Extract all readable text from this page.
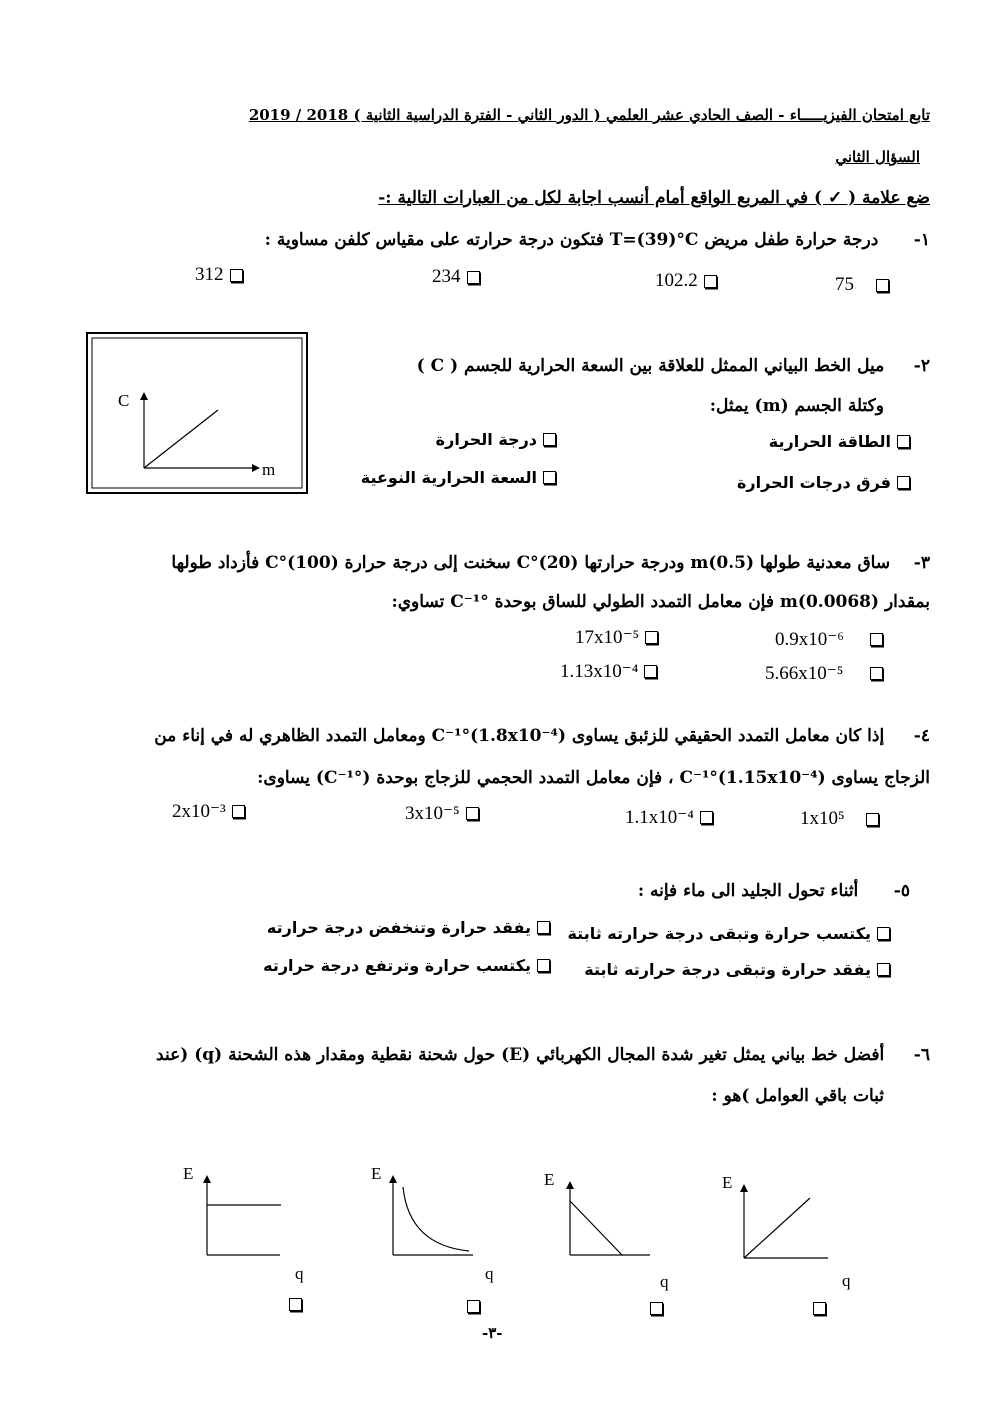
2019 / 2018 تابع امتحان الفيزيـــــاء - الصف الحادي عشر العلمي ( الدور الثاني - الفترة الدراسية الثانية )
السؤال الثاني
ضع علامة ( ✓ ) في المربع الواقع أمام أنسب اجابة لكل من العبارات التالية :-
١-      درجة حرارة طفل مريض T=(39)°C فتكون درجة حرارته على مقياس كلفن مساوية :
75

102.2
234
312
C
m
٢-     ميل الخط البياني الممثل للعلاقة بين السعة الحرارية للجسم ( C )
وكتلة الجسم (m) يمثل:
الطاقة الحرارية
درجة الحرارة
فرق درجات الحرارة
السعة الحرارية النوعية
٣-    ساق معدنية طولها (0.5)m ودرجة حرارتها (20)°C سخنت إلى درجة حرارة (100)°C فأزداد طولها
بمقدار (0.0068)m فإن معامل التمدد الطولي للساق بوحدة °C⁻¹ تساوي:
0.9x10⁻⁶

17x10⁻⁵
5.66x10⁻⁵

1.13x10⁻⁴
٤-     إذا كان معامل التمدد الحقيقي للزئبق يساوى (1.8x10⁻⁴)°C⁻¹ ومعامل التمدد الظاهري له في إناء من
الزجاج يساوى (1.15x10⁻⁴)°C⁻¹ ، فإن معامل التمدد الحجمي للزجاج بوحدة (°C⁻¹) يساوى:
1x10⁵

1.1x10⁻⁴
3x10⁻⁵
2x10⁻³
٥-      أثناء تحول الجليد الى ماء فإنه :
يكتسب حرارة وتبقى درجة حرارته ثابتة
يفقد حرارة وتنخفض درجة حرارته
يفقد حرارة وتبقى درجة حرارته ثابتة
يكتسب حرارة وترتفع درجة حرارته
٦-     أفضل خط بياني يمثل تغير شدة المجال الكهربائي (E) حول شحنة نقطية ومقدار هذه الشحنة (q) (عند
ثبات باقي العوامل )هو :
E
q
E
q
E
q
E
q
-٣-
